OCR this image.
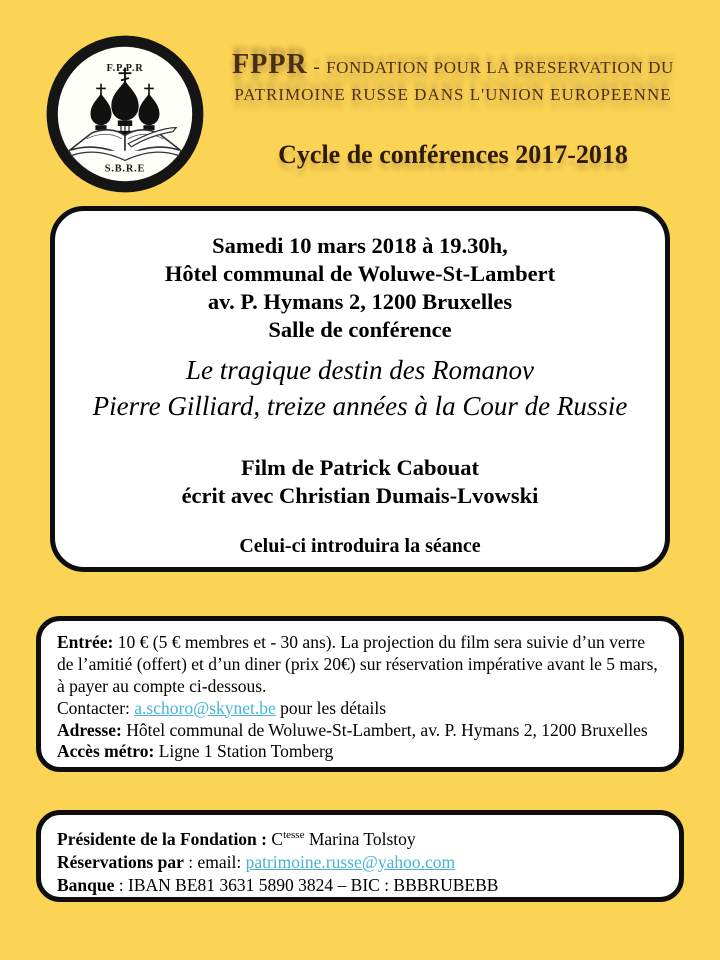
F.P.P.R
S.B.R.E
FPPR - FONDATION POUR LA PRESERVATION DU
PATRIMOINE RUSSE DANS L'UNION EUROPEENNE
Cycle de conférences 2017-2018
Samedi 10 mars 2018 à 19.30h,
Hôtel communal de Woluwe-St-Lambert
av. P. Hymans 2, 1200 Bruxelles
Salle de conférence
Le tragique destin des Romanov
Pierre Gilliard, treize années à la Cour de Russie
Film de Patrick Cabouat
écrit avec Christian Dumais-Lvowski
Celui-ci introduira la séance

Entrée: 10 € (5 € membres et - 30 ans). La projection du film sera suivie d’un verre de l’amitié (offert) et d’un diner (prix 20€) sur réservation impérative avant le 5 mars, à payer au compte ci-dessous.

Contacter: a.schoro@skynet.be pour les détails

Adresse: Hôtel communal de Woluwe-St-Lambert, av. P. Hymans 2, 1200 Bruxelles

Accès métro: Ligne 1 Station Tomberg

Présidente de la Fondation : $C^{tesse}$ Marina Tolstoy

Réservations par : email: patrimoine.russe@yahoo.com

Banque : IBAN BE81 3631 5890 3824 – BIC : BBBRUBEBB
